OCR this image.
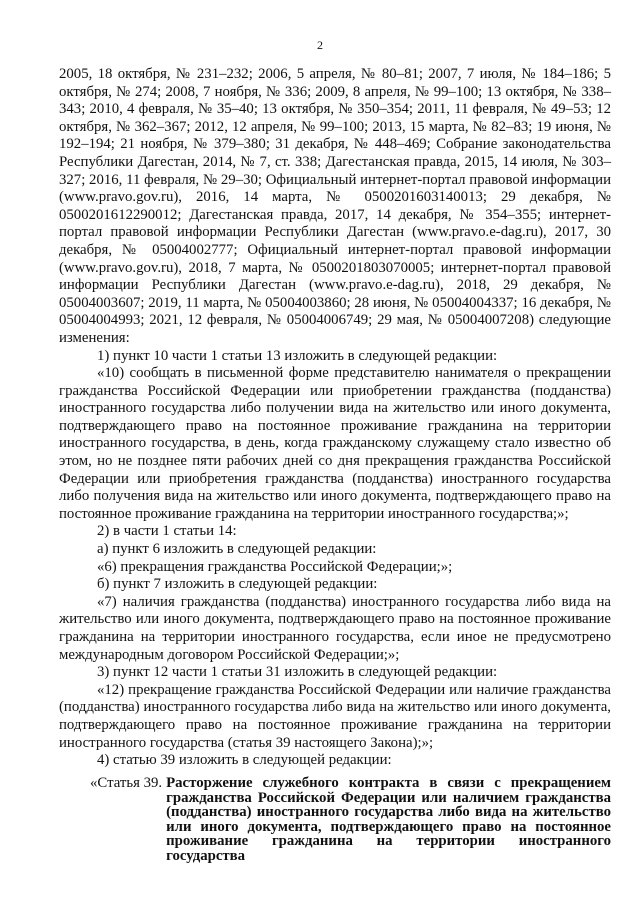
2

2005, 18 октября, № 231–232; 2006, 5 апреля, № 80–81; 2007, 7 июля, № 184–186; 5 октября, № 274; 2008, 7 ноября, № 336; 2009, 8 апреля, № 99–100; 13 октября, № 338–343; 2010, 4 февраля, № 35–40; 13 октября, № 350–354; 2011, 11 февраля, № 49–53; 12 октября, № 362–367; 2012, 12 апреля, № 99–100; 2013, 15 марта, № 82–83; 19 июня, № 192–194; 21 ноября, № 379–380; 31 декабря, № 448–469; Собрание законодательства Республики Дагестан, 2014, № 7, ст. 338; Дагестанская правда, 2015, 14 июля, № 303–327; 2016, 11 февраля, № 29–30; Официальный интернет-портал правовой информации (www.pravo.gov.ru), 2016, 14 марта, № 0500201603140013; 29 декабря, № 0500201612290012; Дагестанская правда, 2017, 14 декабря, № 354–355; интернет-портал правовой информации Республики Дагестан (www.pravo.e-dag.ru), 2017, 30 декабря, № 05004002777; Официальный интернет-портал правовой информации (www.pravo.gov.ru), 2018, 7 марта, № 0500201803070005; интернет-портал правовой информации Республики Дагестан (www.pravo.e-dag.ru), 2018, 29 декабря, № 05004003607; 2019, 11 марта, № 05004003860; 28 июня, № 05004004337; 16 декабря, № 05004004993; 2021, 12 февраля, № 05004006749; 29 мая, № 05004007208) следующие изменения:

1) пункт 10 части 1 статьи 13 изложить в следующей редакции:

«10) сообщать в письменной форме представителю нанимателя о прекращении гражданства Российской Федерации или приобретении гражданства (подданства) иностранного государства либо получении вида на жительство или иного документа, подтверждающего право на постоянное проживание гражданина на территории иностранного государства, в день, когда гражданскому служащему стало известно об этом, но не позднее пяти рабочих дней со дня прекращения гражданства Российской Федерации или приобретения гражданства (подданства) иностранного государства либо получения вида на жительство или иного документа, подтверждающего право на постоянное проживание гражданина на территории иностранного государства;»;

2) в части 1 статьи 14:

а) пункт 6 изложить в следующей редакции:

«6) прекращения гражданства Российской Федерации;»;

б) пункт 7 изложить в следующей редакции:

«7) наличия гражданства (подданства) иностранного государства либо вида на жительство или иного документа, подтверждающего право на постоянное проживание гражданина на территории иностранного государства, если иное не предусмотрено международным договором Российской Федерации;»;

3) пункт 12 части 1 статьи 31 изложить в следующей редакции:

«12) прекращение гражданства Российской Федерации или наличие гражданства (подданства) иностранного государства либо вида на жительство или иного документа, подтверждающего право на постоянное проживание гражданина на территории иностранного государства (статья 39 настоящего Закона);»;

4) статью 39 изложить в следующей редакции:

«Статья 39. Расторжение служебного контракта в связи с прекращением гражданства Российской Федерации или наличием гражданства (подданства) иностранного государства либо вида на жительство или иного документа, подтверждающего право на постоянное проживание гражданина на территории иностранного государства
